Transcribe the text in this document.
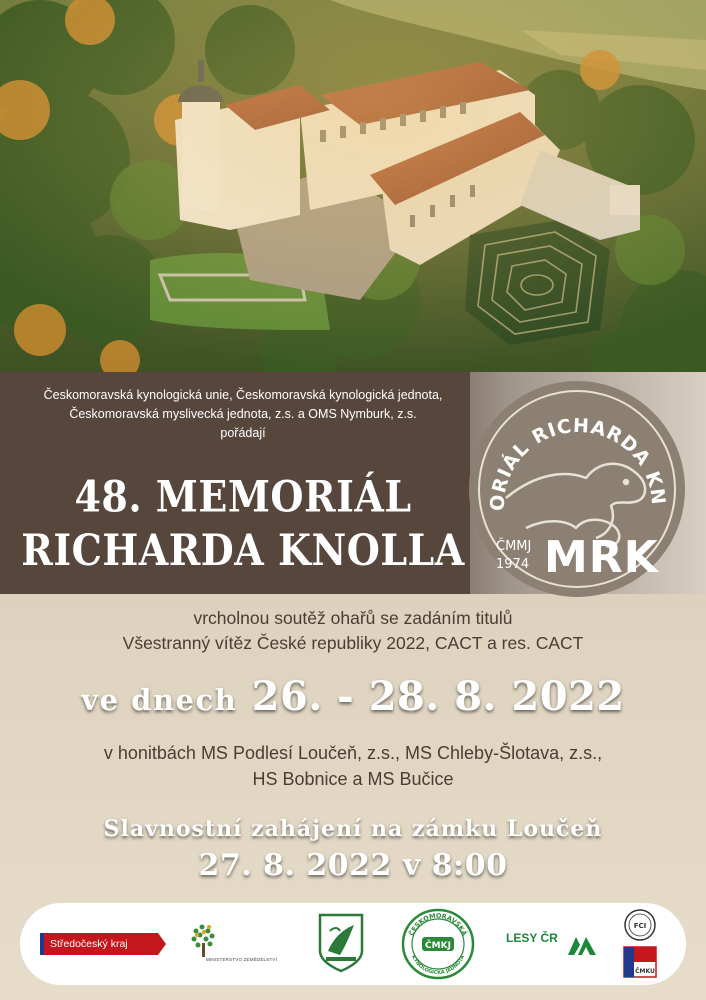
Českomoravská kynologická unie, Českomoravská kynologická jednota,
Českomoravská myslivecká jednota, z.s. a OMS Nymburk, z.s.
pořádají
48. MEMORIÁL
RICHARDA KNOLLA
ORIÁL RICHARDA KN
ČMMJ
1974 MRK
vrcholnou soutěž ohařů se zadáním titulů
Všestranný vítěz České republiky 2022, CACT a res. CACT
ve dnech 26. - 28. 8. 2022
v honitbách MS Podlesí Loučeň, z.s., MS Chleby-Šlotava, z.s.,
HS Bobnice a MS Bučice
Slavnostní zahájení na zámku Loučeň
27. 8. 2022 v 8:00
Středočeský kraj
MINISTERSTVO ZEMĚDĚLSTVÍ
ČESKOMORAVSKÁ
KYNOLOGICKÁ JEDNOTA
ČMKJ
LESY ČR
FCI
ČMKU
